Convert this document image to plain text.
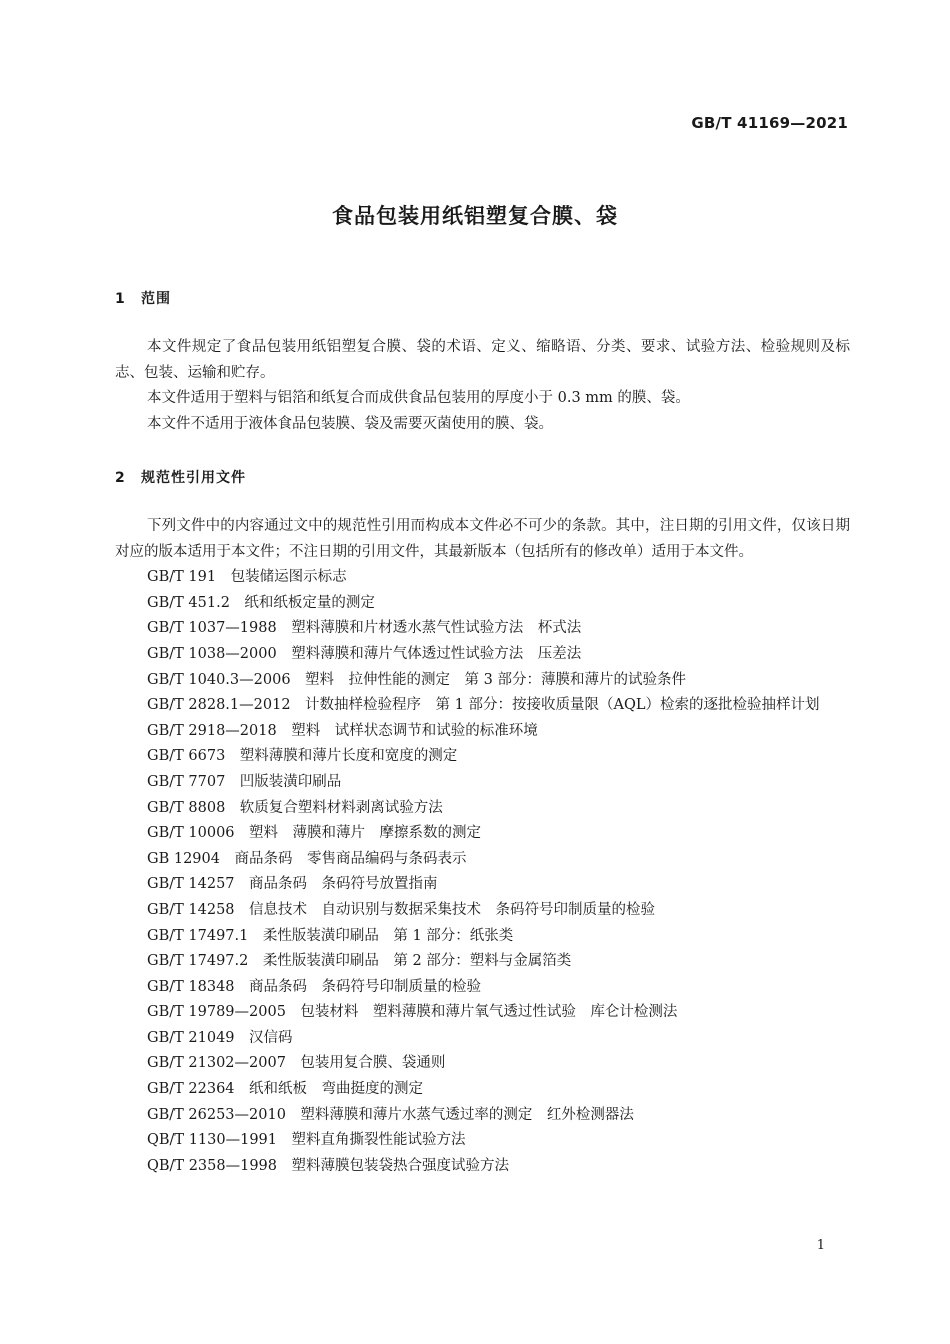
GB/T 41169—2021
食品包装用纸铝塑复合膜、袋
1 范围

本文件规定了食品包装用纸铝塑复合膜、袋的术语、定义、缩略语、分类、要求、试验方法、检验规则及标志、包装、运输和贮存。

本文件适用于塑料与铝箔和纸复合而成供食品包装用的厚度小于 0.3 mm 的膜、袋。

本文件不适用于液体食品包装膜、袋及需要灭菌使用的膜、袋。

2 规范性引用文件

下列文件中的内容通过文中的规范性引用而构成本文件必不可少的条款。其中，注日期的引用文件，仅该日期对应的版本适用于本文件；不注日期的引用文件，其最新版本（包括所有的修改单）适用于本文件。

GB/T 191　包装储运图示标志

GB/T 451.2　纸和纸板定量的测定

GB/T 1037—1988　塑料薄膜和片材透水蒸气性试验方法　杯式法

GB/T 1038—2000　塑料薄膜和薄片气体透过性试验方法　压差法

GB/T 1040.3—2006　塑料　拉伸性能的测定　第 3 部分：薄膜和薄片的试验条件

GB/T 2828.1—2012　计数抽样检验程序　第 1 部分：按接收质量限（AQL）检索的逐批检验抽样计划

GB/T 2918—2018　塑料　试样状态调节和试验的标准环境

GB/T 6673　塑料薄膜和薄片长度和宽度的测定

GB/T 7707　凹版装潢印刷品

GB/T 8808　软质复合塑料材料剥离试验方法

GB/T 10006　塑料　薄膜和薄片　摩擦系数的测定

GB 12904　商品条码　零售商品编码与条码表示

GB/T 14257　商品条码　条码符号放置指南

GB/T 14258　信息技术　自动识别与数据采集技术　条码符号印制质量的检验

GB/T 17497.1　柔性版装潢印刷品　第 1 部分：纸张类

GB/T 17497.2　柔性版装潢印刷品　第 2 部分：塑料与金属箔类

GB/T 18348　商品条码　条码符号印制质量的检验

GB/T 19789—2005　包装材料　塑料薄膜和薄片氧气透过性试验　库仑计检测法

GB/T 21049　汉信码

GB/T 21302—2007　包装用复合膜、袋通则

GB/T 22364　纸和纸板　弯曲挺度的测定

GB/T 26253—2010　塑料薄膜和薄片水蒸气透过率的测定　红外检测器法

QB/T 1130—1991　塑料直角撕裂性能试验方法

QB/T 2358—1998　塑料薄膜包装袋热合强度试验方法

1
